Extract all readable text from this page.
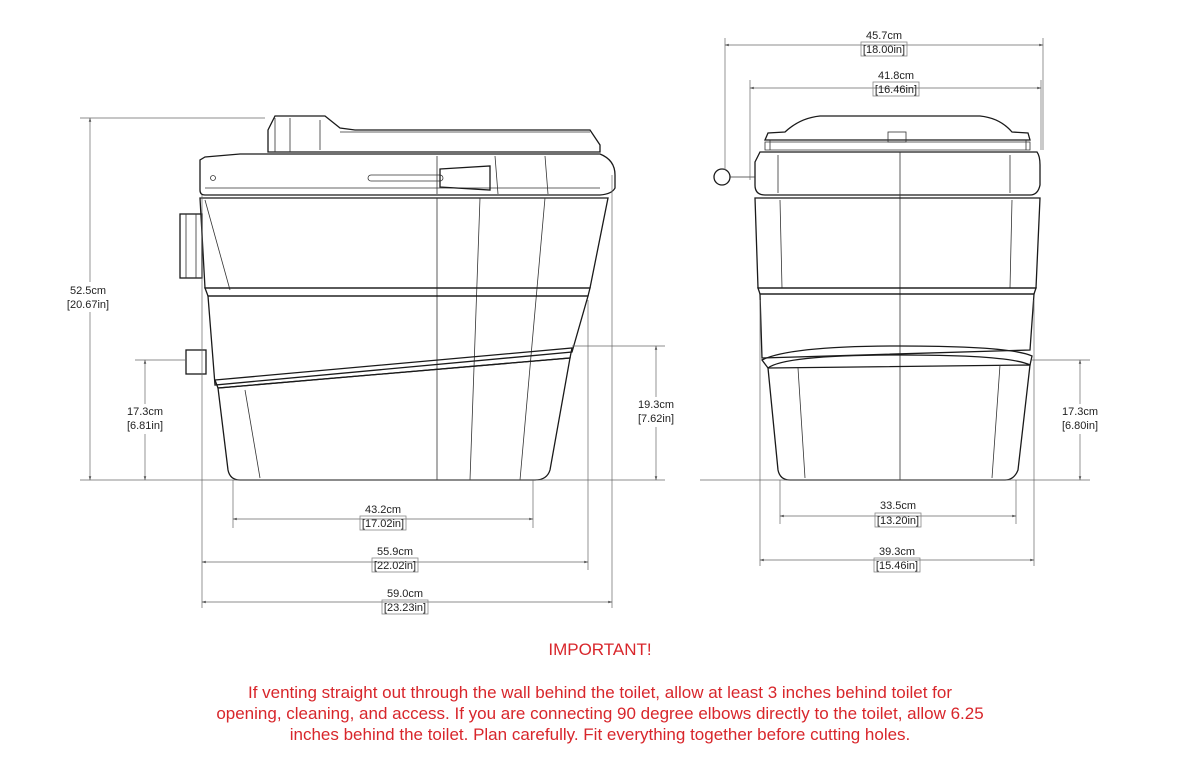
52.5cm
[20.67in]
17.3cm
[6.81in]
19.3cm
[7.62in]
43.2cm
[17.02in]
55.9cm
[22.02in]
59.0cm
[23.23in]
45.7cm
[18.00in]
41.8cm
[16.46in]
17.3cm
[6.80in]
33.5cm
[13.20in]
39.3cm
[15.46in]

IMPORTANT!

If venting straight out through the wall behind the toilet, allow at least 3 inches behind toilet for
opening, cleaning, and access. If you are connecting 90 degree elbows directly to the toilet, allow 6.25
inches behind the toilet. Plan carefully. Fit everything together before cutting holes.
